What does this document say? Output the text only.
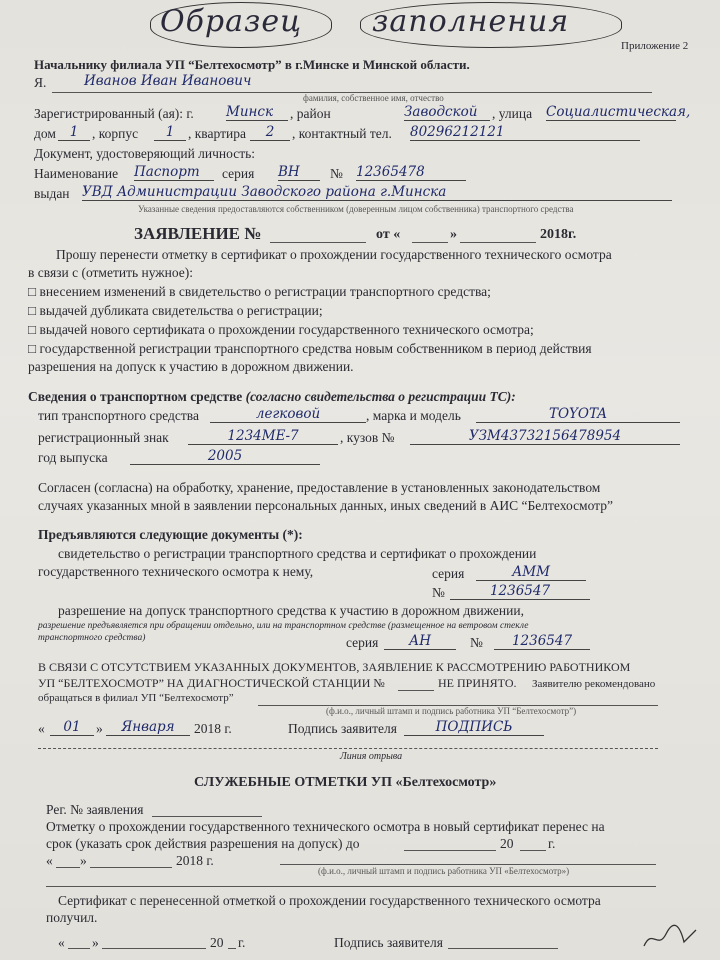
Образец заполнения
Приложение 2
Начальнику филиала УП “Белтехосмотр” в г.Минске и Минской области.
Я.	Иванов Иван Иванович
фамилия, собственное имя, отчество
Зарегистрированный (ая): г. Минск	, район	Заводской	, улица Социалистическая,
дом	1	, корпус	1	, квартира	2	, контактный тел. 80296212121
Документ, удостоверяющий личность:
Наименование Паспорт	серия ВН	№ 12365478
выдан УВД Администрации Заводского района г.Минска
Указанные сведения предоставляются собственником (доверенным лицом собственника) транспортного средства
ЗАЯВЛЕНИЕ №	от «	»	2018г.
Прошу перенести отметку в сертификат о прохождении государственного технического осмотра
в связи с (отметить нужное):
□ внесением изменений в свидетельство о регистрации транспортного средства;
□ выдачей дубликата свидетельства о регистрации;
□ выдачей нового сертификата о прохождении государственного технического осмотра;
□ государственной регистрации транспортного средства новым собственником в период действия
разрешения на допуск к участию в дорожном движении.
Сведения о транспортном средстве (согласно свидетельства о регистрации ТС):
тип транспортного средства	легковой	, марка и модель	TOYOTA
регистрационный знак	1234МЕ-7	, кузов №	УЗМ43732156478954
год выпуска	2005
Согласен (согласна) на обработку, хранение, предоставление в установленных законодательством
случаях указанных мной в заявлении персональных данных, иных сведений в АИС “Белтехосмотр”
Предъявляются следующие документы (*):
свидетельство о регистрации транспортного средства и сертификат о прохождении
государственного технического осмотра к нему,	серия	АММ
№	1236547
разрешение на допуск транспортного средства к участию в дорожном движении,
разрешение предъявляется при обращении отдельно, или на транспортном средстве (размещенное на ветровом стекле
транспортного средства)	серия	АН	№	1236547
В СВЯЗИ С ОТСУТСТВИЕМ УКАЗАННЫХ ДОКУМЕНТОВ, ЗАЯВЛЕНИЕ К РАССМОТРЕНИЮ РАБОТНИКОМ
УП “БЕЛТЕХОСМОТР” НА ДИАГНОСТИЧЕСКОЙ СТАНЦИИ №	НЕ ПРИНЯТО. Заявителю рекомендовано
обращаться в филиал УП “Белтехосмотр”
(ф.и.о., личный штамп и подпись работника УП “Белтехосмотр”)
«	01	»	Января	2018 г.	Подпись заявителя	ПОДПИСЬ
Линия отрыва
СЛУЖЕБНЫЕ ОТМЕТКИ УП «Белтехосмотр»
Рег. № заявления
Отметку о прохождении государственного технического осмотра в новый сертификат перенес на
срок (указать срок действия разрешения на допуск) до	20	г.
« »	2018 г.
(ф.и.о., личный штамп и подпись работника УП «Белтехосмотр»)
Сертификат с перенесенной отметкой о прохождении государственного технического осмотра
получил.
« »	20 г.	Подпись заявителя
